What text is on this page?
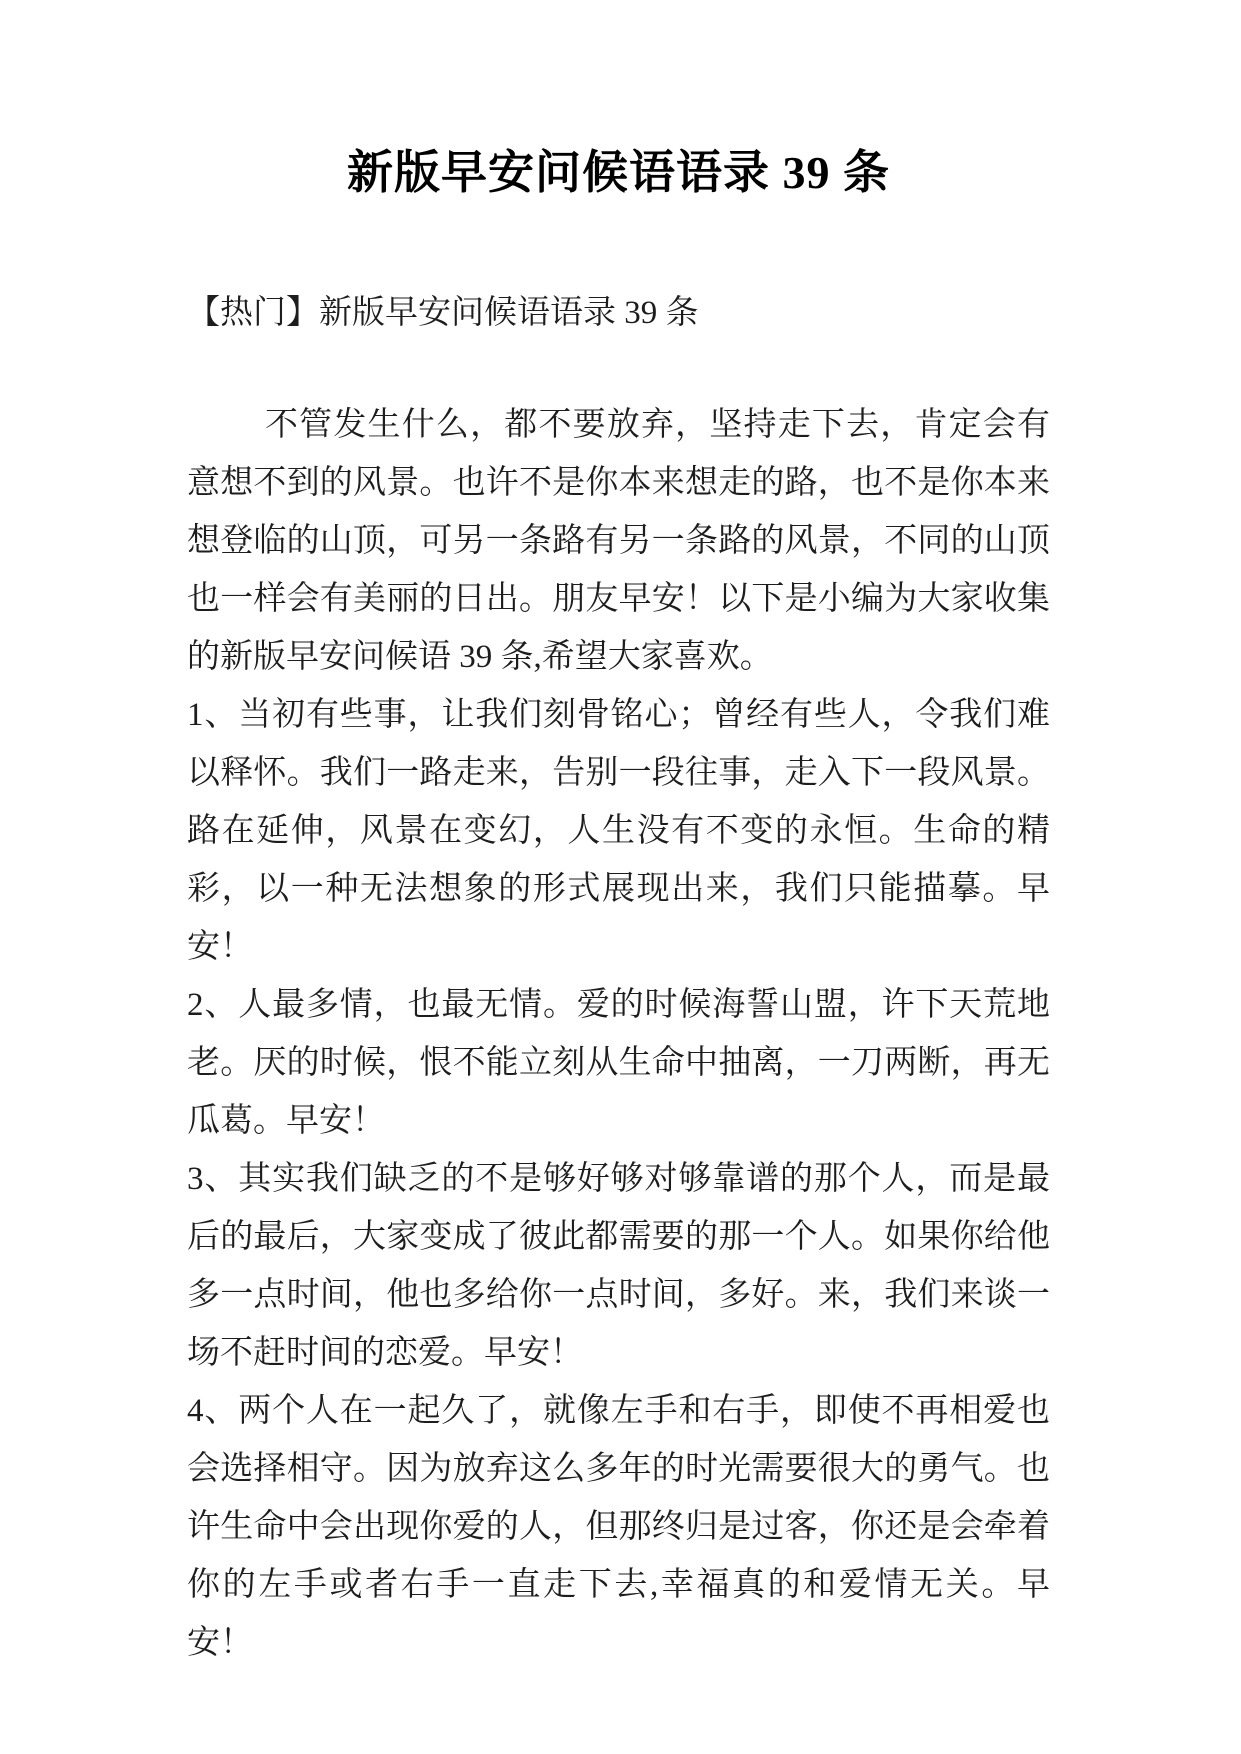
新版早安问候语语录 39 条

【热门】新版早安问候语语录 39 条

不管发生什么，都不要放弃，坚持走下去，肯定会有意想不到的风景。也许不是你本来想走的路，也不是你本来想登临的山顶，可另一条路有另一条路的风景，不同的山顶也一样会有美丽的日出。朋友早安！以下是小编为大家收集的新版早安问候语 39 条,希望大家喜欢。

1、当初有些事，让我们刻骨铭心；曾经有些人，令我们难以释怀。我们一路走来，告别一段往事，走入下一段风景。路在延伸，风景在变幻，人生没有不变的永恒。生命的精彩，以一种无法想象的形式展现出来，我们只能描摹。早安！

2、人最多情，也最无情。爱的时候海誓山盟，许下天荒地老。厌的时候，恨不能立刻从生命中抽离，一刀两断，再无瓜葛。早安！

3、其实我们缺乏的不是够好够对够靠谱的那个人，而是最后的最后，大家变成了彼此都需要的那一个人。如果你给他多一点时间，他也多给你一点时间，多好。来，我们来谈一场不赶时间的恋爱。早安！

4、两个人在一起久了，就像左手和右手，即使不再相爱也会选择相守。因为放弃这么多年的时光需要很大的勇气。也许生命中会出现你爱的人，但那终归是过客，你还是会牵着你的左手或者右手一直走下去,幸福真的和爱情无关。早安！
